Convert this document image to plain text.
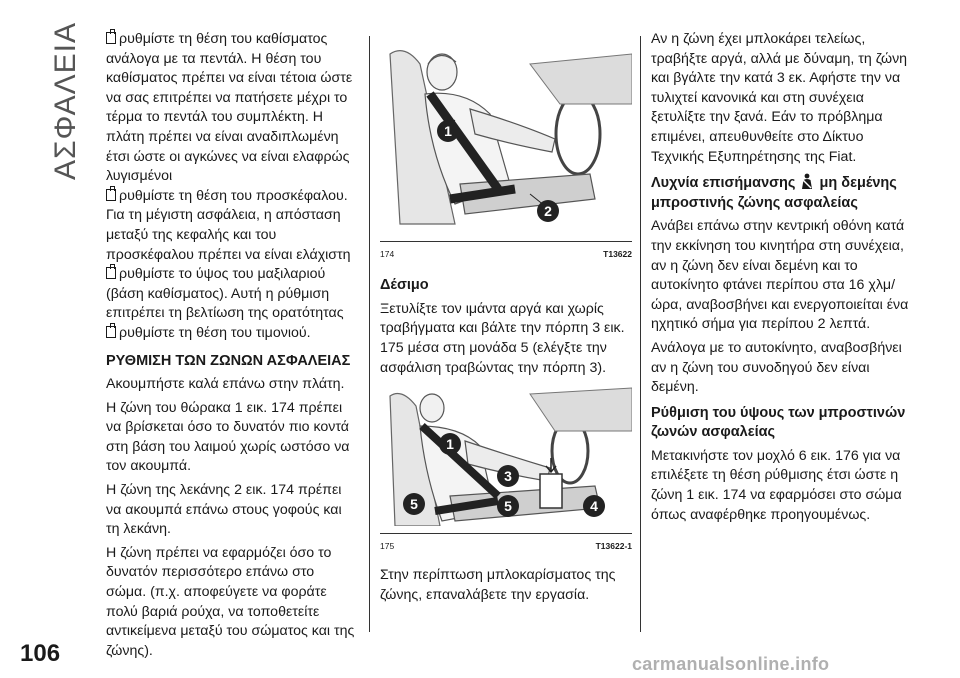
ΑΣΦΑΛΕΙΑ	ρυθμίστε τη θέση του καθίσματος ανάλογα με τα πεντάλ. Η θέση του καθίσματος πρέπει να είναι τέτοια ώστε να σας επιτρέπει να πατήσετε μέχρι το τέρμα το πεντάλ του συμπλέκτη. Η πλάτη πρέπει να είναι αναδιπλωμένη έτσι ώστε οι αγκώνες να είναι ελαφρώς λυγισμένοι

ρυθμίστε τη θέση του προσκέφαλου. Για τη μέγιστη ασφάλεια, η απόσταση μεταξύ της κεφαλής και του προσκέφαλου πρέπει να είναι ελάχιστη

ρυθμίστε το ύψος του μαξιλαριού (βάση καθίσματος). Αυτή η ρύθμιση επιτρέπει τη βελτίωση της ορατότητας

ρυθμίστε τη θέση του τιμονιού.

ΡΥΘΜΙΣΗ ΤΩΝ ΖΩΝΩΝ ΑΣΦΑΛΕΙΑΣ

Ακουμπήστε καλά επάνω στην πλάτη.

Η ζώνη του θώρακα 1 εικ. 174 πρέπει να βρίσκεται όσο το δυνατόν πιο κοντά στη βάση του λαιμού χωρίς ωστόσο να τον ακουμπά.

Η ζώνη της λεκάνης 2 εικ. 174 πρέπει να ακουμπά επάνω στους γοφούς και τη λεκάνη.

Η ζώνη πρέπει να εφαρμόζει όσο το δυνατόν περισσότερο επάνω στο σώμα. (π.χ. αποφεύγετε να φοράτε πολύ βαριά ρούχα, να τοποθετείτε αντικείμενα μεταξύ του σώματος και της ζώνης).

1
2
174	T13622
Δέσιμο

Ξετυλίξτε τον ιμάντα αργά και χωρίς τραβήγματα και βάλτε την πόρπη 3 εικ. 175 μέσα στη μονάδα 5 (ελέγξτε την ασφάλιση τραβώντας την πόρπη 3).

1
3
4
5	5
175	T13622-1

Στην περίπτωση μπλοκαρίσματος της ζώνης, επαναλάβετε την εργασία.

Αν η ζώνη έχει μπλοκάρει τελείως, τραβήξτε αργά, αλλά με δύναμη, τη ζώνη και βγάλτε την κατά 3 εκ. Αφήστε την να τυλιχτεί κανονικά και στη συνέχεια ξετυλίξτε την ξανά. Εάν το πρόβλημα επιμένει, απευθυνθείτε στο Δίκτυο Τεχνικής Εξυπηρέτησης της Fiat.

Λυχνία επισήμανσης μη δεμένης μπροστινής ζώνης ασφαλείας

Ανάβει επάνω στην κεντρική οθόνη κατά την εκκίνηση του κινητήρα στη συνέχεια, αν η ζώνη δεν είναι δεμένη και το αυτοκίνητο φτάνει περίπου στα 16 χλμ/ώρα, αναβοσβήνει και ενεργοποιείται ένα ηχητικό σήμα για περίπου 2 λεπτά.

Ανάλογα με το αυτοκίνητο, αναβοσβήνει αν η ζώνη του συνοδηγού δεν είναι δεμένη.

Ρύθμιση του ύψους των μπροστινών ζωνών ασφαλείας

Μετακινήστε τον μοχλό 6 εικ. 176 για να επιλέξετε τη θέση ρύθμισης έτσι ώστε η ζώνη 1 εικ. 174 να εφαρμόσει στο σώμα όπως αναφέρθηκε προηγουμένως.

106	carmanualsonline.info
